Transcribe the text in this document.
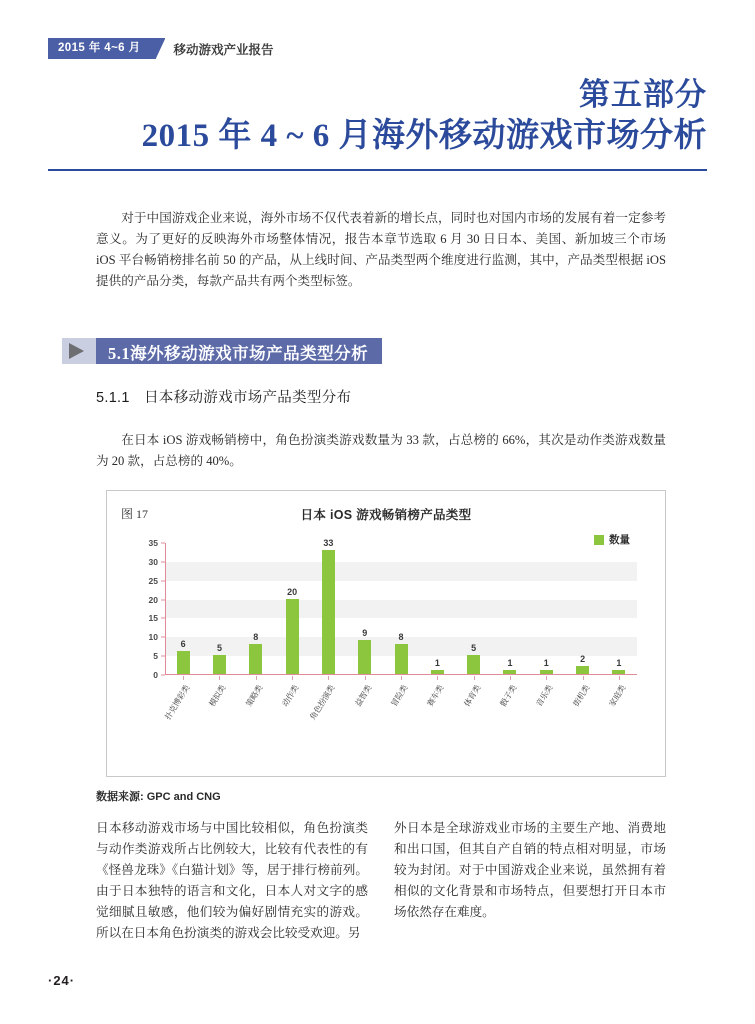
2015 年 4~6 月	移动游戏产业报告
第五部分
2015 年 4 ~ 6 月海外移动游戏市场分析
对于中国游戏企业来说，海外市场不仅代表着新的增长点，同时也对国内市场的发展有着一定参考意义。为了更好的反映海外市场整体情况，报告本章节选取 6 月 30 日日本、美国、新加坡三个市场 iOS 平台畅销榜排名前 50 的产品，从上线时间、产品类型两个维度进行监测，其中，产品类型根据 iOS 提供的产品分类，每款产品共有两个类型标签。
5.1海外移动游戏市场产品类型分析
5.1.1 日本移动游戏市场产品类型分布
在日本 iOS 游戏畅销榜中，角色扮演类游戏数量为 33 款，占总榜的 66%，其次是动作类游戏数量为 20 款，占总榜的 40%。
图 17	日本 iOS 游戏畅销榜产品类型
数量
6	5
8
20
33
9	8
1
5
1	1	2	1
0
5
10
15
20
25
30
35
扑克博彩类 模拟类 策略类 动作类 角色扮演类 益智类 冒险类 赛车类 体育类 骰子类 音乐类 街机类 家庭类
数据来源: GPC and CNG

日本移动游戏市场与中国比较相似，角色扮演类与动作类游戏所占比例较大，比较有代表性的有《怪兽龙珠》《白猫计划》等，居于排行榜前列。由于日本独特的语言和文化，日本人对文字的感觉细腻且敏感，他们较为偏好剧情充实的游戏。所以在日本角色扮演类的游戏会比较受欢迎。另

外日本是全球游戏业市场的主要生产地、消费地和出口国，但其自产自销的特点相对明显，市场较为封闭。对于中国游戏企业来说，虽然拥有着相似的文化背景和市场特点，但要想打开日本市场依然存在难度。

·24·
